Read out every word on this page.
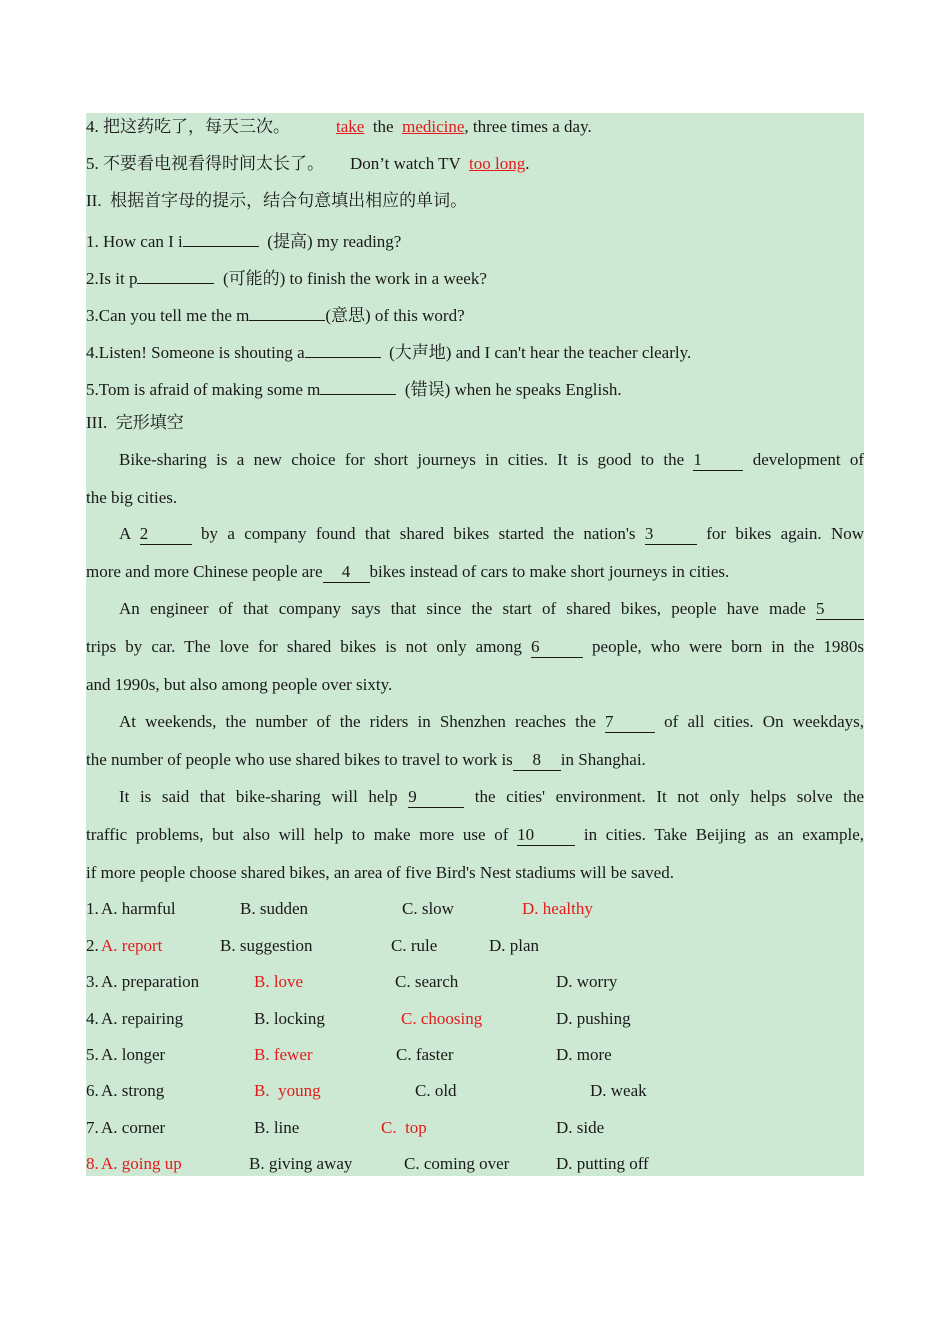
4. 把这药吃了，每天三次。	take the medicine, three times a day.
5. 不要看电视看得时间太长了。 Don’t watch TV too long.
II.  根据首字母的提示，结合句意填出相应的单词。
1. How can I i	(提高) my reading?
2.Is it p	(可能的) to finish the work in a week?
3.Can you tell me the m	(意思) of this word?
4.Listen! Someone is shouting a	(大声地) and I can't hear the teacher clearly.
5.Tom is afraid of making some m	(错误) when he speaks English.
III.  完形填空
Bike-sharing is a new choice for short journeys in cities. It is good to the 1	development of
the big cities.
A 2	by a company found that shared bikes started the nation's 3	for bikes again. Now
more and more Chinese people are 4 bikes instead of cars to make short journeys in cities.
An engineer of that company says that since the start of shared bikes, people have made 5
trips by car. The love for shared bikes is not only among 6	people, who were born in the 1980s
and 1990s, but also among people over sixty.
At weekends, the number of the riders in Shenzhen reaches the 7	of all cities. On weekdays,
the number of people who use shared bikes to travel to work is 8 in Shanghai.
It is said that bike-sharing will help 9	the cities' environment. It not only helps solve the
traffic problems, but also will help to make more use of 10	in cities. Take Beijing as an example,
if more people choose shared bikes, an area of five Bird's Nest stadiums will be saved.
1. A. harmful	B. sudden	C. slow	D. healthy
2. A. report	B. suggestion	C. rule	D. plan
3. A. preparation	B. love	C. search	D. worry
4. A. repairing	B. locking	C. choosing	D. pushing
5. A. longer	B. fewer	C. faster	D. more
6. A. strong	B.  young	C. old	D. weak
7. A. corner	B. line	C.  top	D. side
8. A. going up	B. giving away	C. coming over	D. putting off
